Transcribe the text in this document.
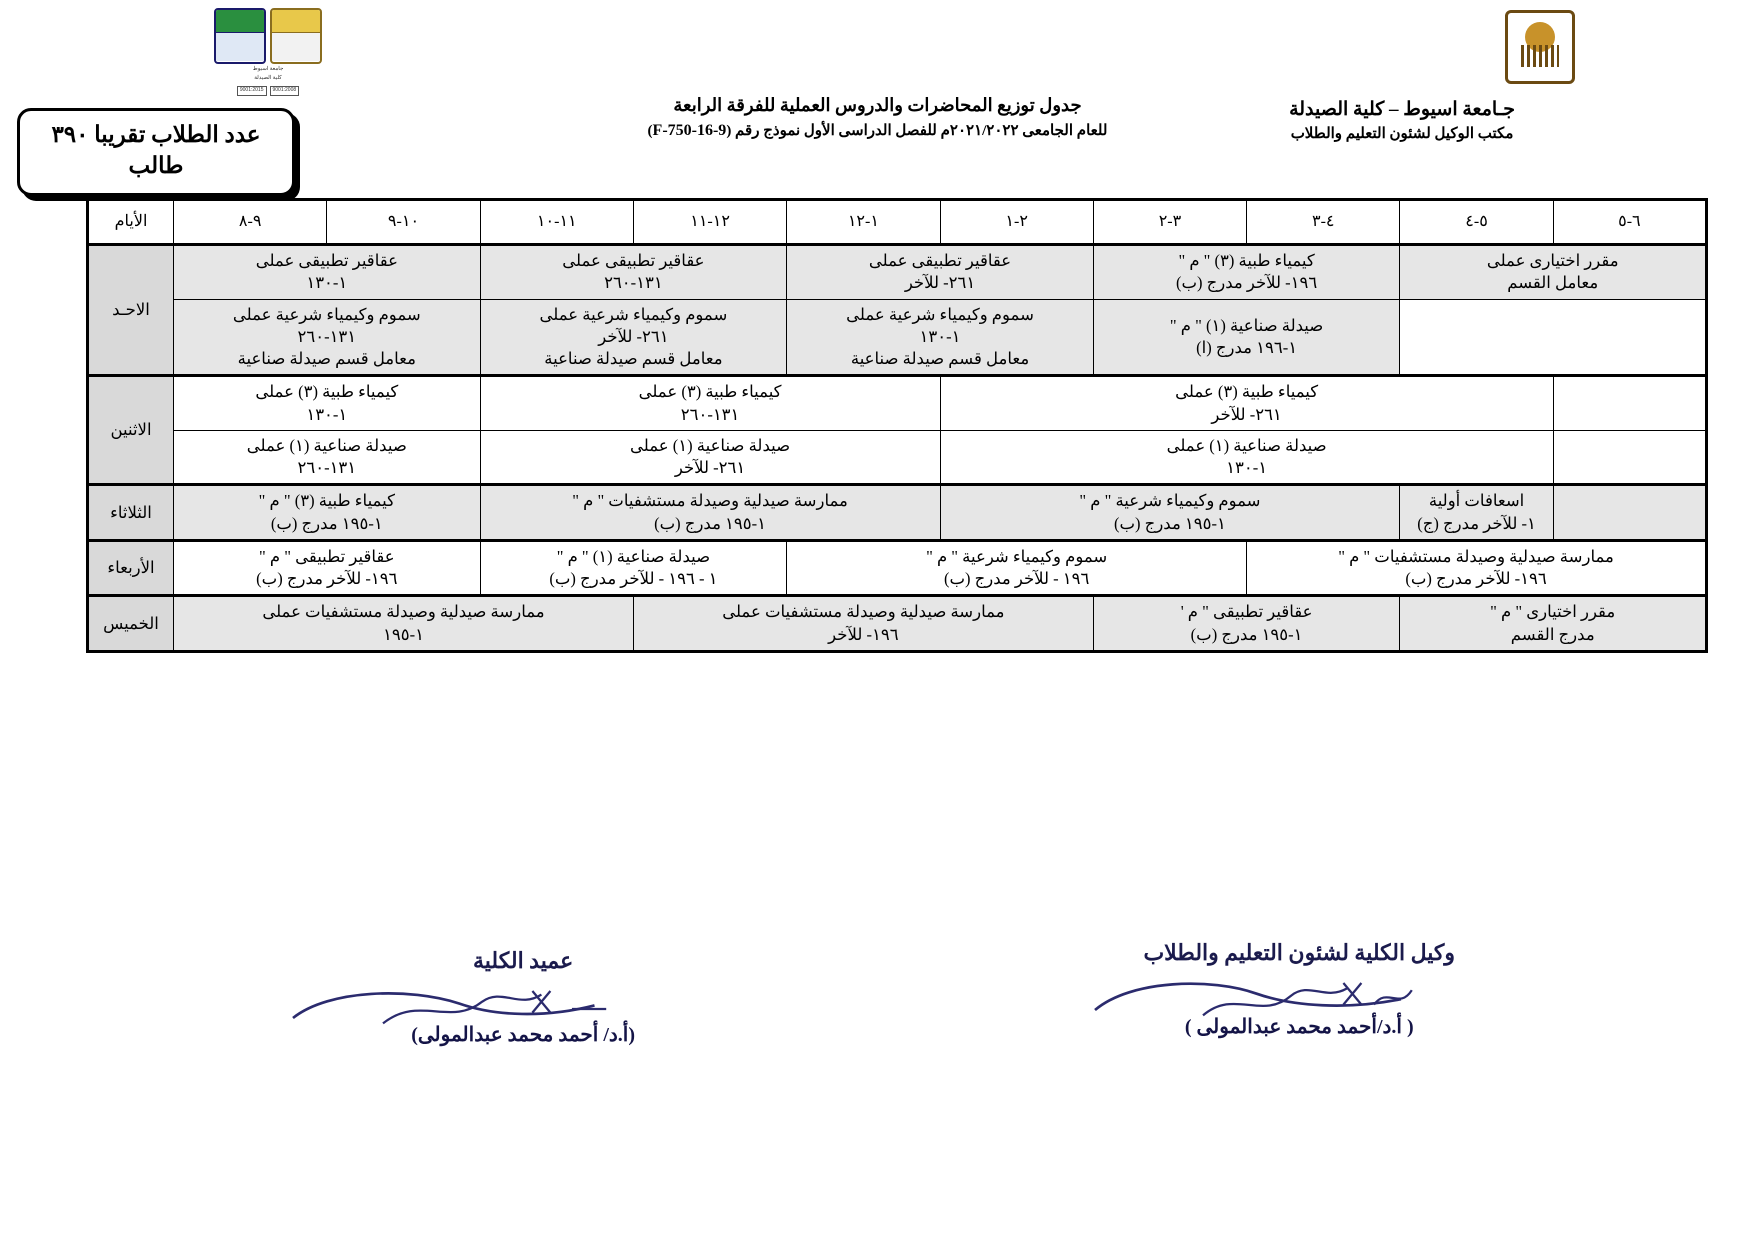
جامعة اسيوط
كلية الصيدلة
9001:2008
9001:2015
جـامعة اسيوط – كلية الصيدلة
مكتب الوكيل لشئون التعليم والطلاب
جدول توزيع المحاضرات والدروس العملية للفرقة الرابعة
للعام الجامعى ٢٠٢١/٢٠٢٢م للفصل الدراسى الأول نموذج رقم (F-750-16-9)
عدد الطلاب تقريبا ٣٩٠ طالب
٦-٥	٥-٤	٤-٣	٣-٢	٢-١	١-١٢	١٢-١١	١١-١٠	١٠-٩	٩-٨	الأيام

مقرر اختيارى عملى
معامل القسم		كيمياء طبية (٣) " م "
١٩٦- للآخر مدرج (ب)		عقاقير تطبيقى عملى
٢٦١- للآخر		عقاقير تطبيقى عملى
١٣١-٢٦٠		عقاقير تطبيقى عملى
١-١٣٠		الاحـد

		صيدلة صناعية (١) " م "
١-١٩٦ مدرج (ا)		سموم وكيمياء شرعية عملى
١-١٣٠
معامل قسم صيدلة صناعية		سموم وكيمياء شرعية عملى
٢٦١- للآخر
معامل قسم صيدلة صناعية		سموم وكيمياء شرعية عملى
١٣١-٢٦٠
معامل قسم صيدلة صناعية		

	كيمياء طبية (٣) عملى
٢٦١- للآخر				كيمياء طبية (٣) عملى
١٣١-٢٦٠			كيمياء طبية (٣) عملى
١-١٣٠		الاثنين

	صيدلة صناعية (١) عملى
١-١٣٠				صيدلة صناعية (١) عملى
٢٦١- للآخر			صيدلة صناعية (١) عملى
١٣١-٢٦٠		

	اسعافات أولية
١- للآخر مدرج (ج)	سموم وكيمياء شرعية " م "
١-١٩٥ مدرج (ب)			ممارسة صيدلية وصيدلة مستشفيات " م "
١-١٩٥ مدرج (ب)			كيمياء طبية (٣) " م "
١-١٩٥ مدرج (ب)		الثلاثاء

ممارسة صيدلية وصيدلة مستشفيات " م "
١٩٦- للآخر مدرج (ب)			سموم وكيمياء شرعية " م "
١٩٦ - للآخر مدرج (ب)			صيدلة صناعية (١) " م "
١ - ١٩٦ - للآخر مدرج (ب)		عقاقير تطبيقى " م "
١٩٦- للآخر مدرج (ب)		الأربعاء

مقرر اختيارى " م "
مدرج القسم		عقاقير تطبيقى " م '
١-١٩٥ مدرج (ب)		ممارسة صيدلية وصيدلة مستشفيات عملى
١٩٦- للآخر			ممارسة صيدلية وصيدلة مستشفيات عملى
١-١٩٥			الخميس
وكيل الكلية لشئون التعليم والطلاب
( أ.د/أحمد محمد عبدالمولى )
عميد الكلية
(أ.د/ أحمد محمد عبدالمولى)
